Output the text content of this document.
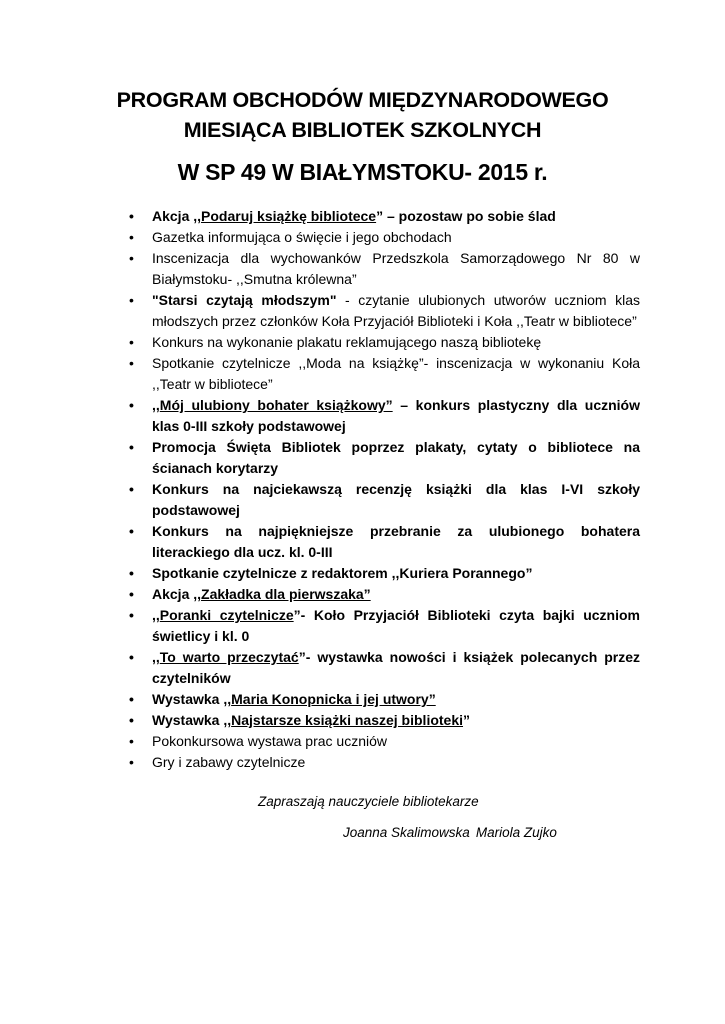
PROGRAM OBCHODÓW MIĘDZYNARODOWEGO
MIESIĄCA BIBLIOTEK SZKOLNYCH
W SP 49 W BIAŁYMSTOKU- 2015 r.
• Akcja ,,Podaruj książkę bibliotece” – pozostaw po sobie ślad
• Gazetka informująca o święcie i jego obchodach
• Inscenizacja dla wychowanków Przedszkola Samorządowego Nr 80 w Białymstoku- ,,Smutna królewna”
• "Starsi czytają młodszym" - czytanie ulubionych utworów uczniom klas młodszych przez członków Koła Przyjaciół Biblioteki i Koła ,,Teatr w bibliotece”
• Konkurs na wykonanie plakatu reklamującego naszą bibliotekę
• Spotkanie czytelnicze ,,Moda na książkę”- inscenizacja w wykonaniu Koła ,,Teatr w bibliotece”
• ,,Mój ulubiony bohater książkowy” – konkurs plastyczny dla uczniów klas 0-III szkoły podstawowej
• Promocja Święta Bibliotek poprzez plakaty, cytaty o bibliotece na ścianach korytarzy
• Konkurs na najciekawszą recenzję książki dla klas I-VI szkoły podstawowej
• Konkurs na najpiękniejsze przebranie za ulubionego bohatera literackiego dla ucz. kl. 0-III
• Spotkanie czytelnicze z redaktorem ,,Kuriera Porannego”
• Akcja ,,Zakładka dla pierwszaka”
• ,,Poranki czytelnicze”- Koło Przyjaciół Biblioteki czyta bajki uczniom świetlicy i kl. 0
• ,,To warto przeczytać”- wystawka nowości i książek polecanych przez czytelników
• Wystawka ,,Maria Konopnicka i jej utwory”
• Wystawka ,,Najstarsze książki naszej biblioteki”
• Pokonkursowa wystawa prac uczniów
• Gry i zabawy czytelnicze
Zapraszają nauczyciele bibliotekarze
Joanna Skalimowska Mariola Zujko
